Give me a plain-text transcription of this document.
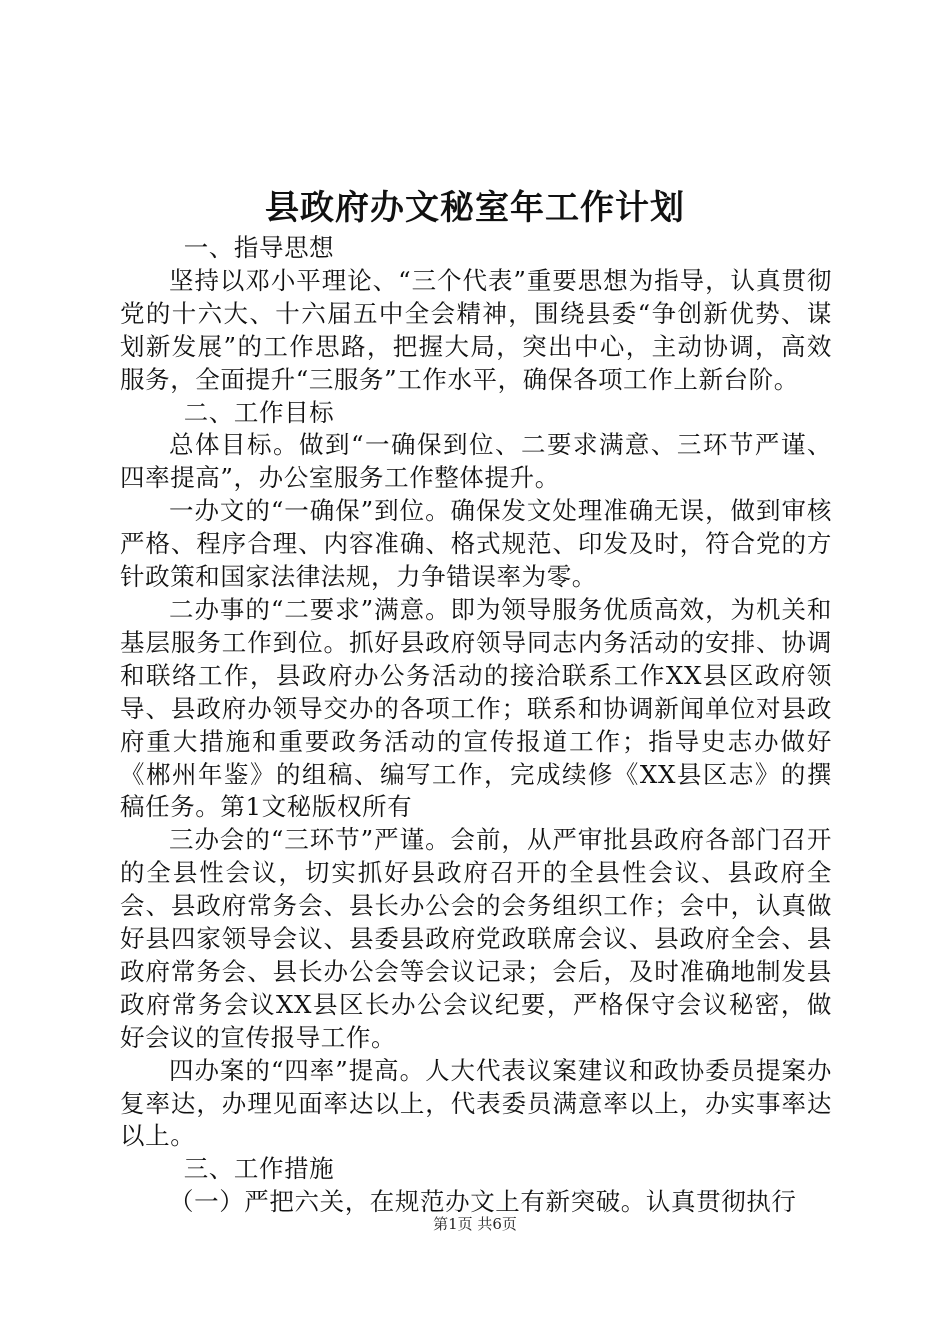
县政府办文秘室年工作计划

一、指导思想

坚持以邓小平理论、“三个代表”重要思想为指导，认真贯彻党的十六大、十六届五中全会精神，围绕县委“争创新优势、谋划新发展”的工作思路，把握大局，突出中心，主动协调，高效服务，全面提升“三服务”工作水平，确保各项工作上新台阶。

二、工作目标

总体目标。做到“一确保到位、二要求满意、三环节严谨、四率提高”，办公室服务工作整体提升。

一办文的“一确保”到位。确保发文处理准确无误，做到审核严格、程序合理、内容准确、格式规范、印发及时，符合党的方针政策和国家法律法规，力争错误率为零。

二办事的“二要求”满意。即为领导服务优质高效，为机关和基层服务工作到位。抓好县政府领导同志内务活动的安排、协调和联络工作，县政府办公务活动的接洽联系工作XX县区政府领导、县政府办领导交办的各项工作；联系和协调新闻单位对县政府重大措施和重要政务活动的宣传报道工作；指导史志办做好《郴州年鉴》的组稿、编写工作，完成续修《XX县区志》的撰稿任务。第1文秘版权所有

三办会的“三环节”严谨。会前，从严审批县政府各部门召开的全县性会议，切实抓好县政府召开的全县性会议、县政府全会、县政府常务会、县长办公会的会务组织工作；会中，认真做好县四家领导会议、县委县政府党政联席会议、县政府全会、县政府常务会、县长办公会等会议记录；会后，及时准确地制发县政府常务会议XX县区长办公会议纪要，严格保守会议秘密，做好会议的宣传报导工作。

四办案的“四率”提高。人大代表议案建议和政协委员提案办复率达，办理见面率达以上，代表委员满意率以上，办实事率达以上。

三、工作措施

（一）严把六关，在规范办文上有新突破。认真贯彻执行

第1页 共6页
